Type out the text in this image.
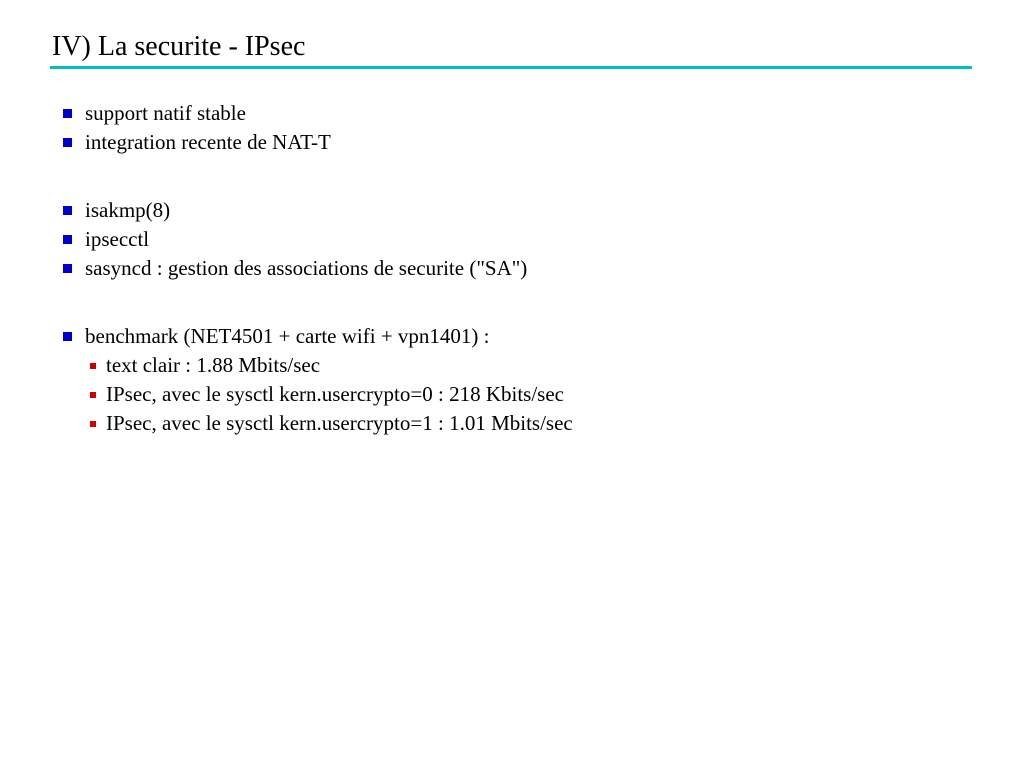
IV) La securite - IPsec
support natif stable
integration recente de NAT-T
isakmp(8)
ipsecctl
sasyncd : gestion des associations de securite ("SA")
benchmark (NET4501 + carte wifi + vpn1401) :
text clair : 1.88 Mbits/sec
IPsec, avec le sysctl kern.usercrypto=0 : 218 Kbits/sec
IPsec, avec le sysctl kern.usercrypto=1 : 1.01 Mbits/sec
